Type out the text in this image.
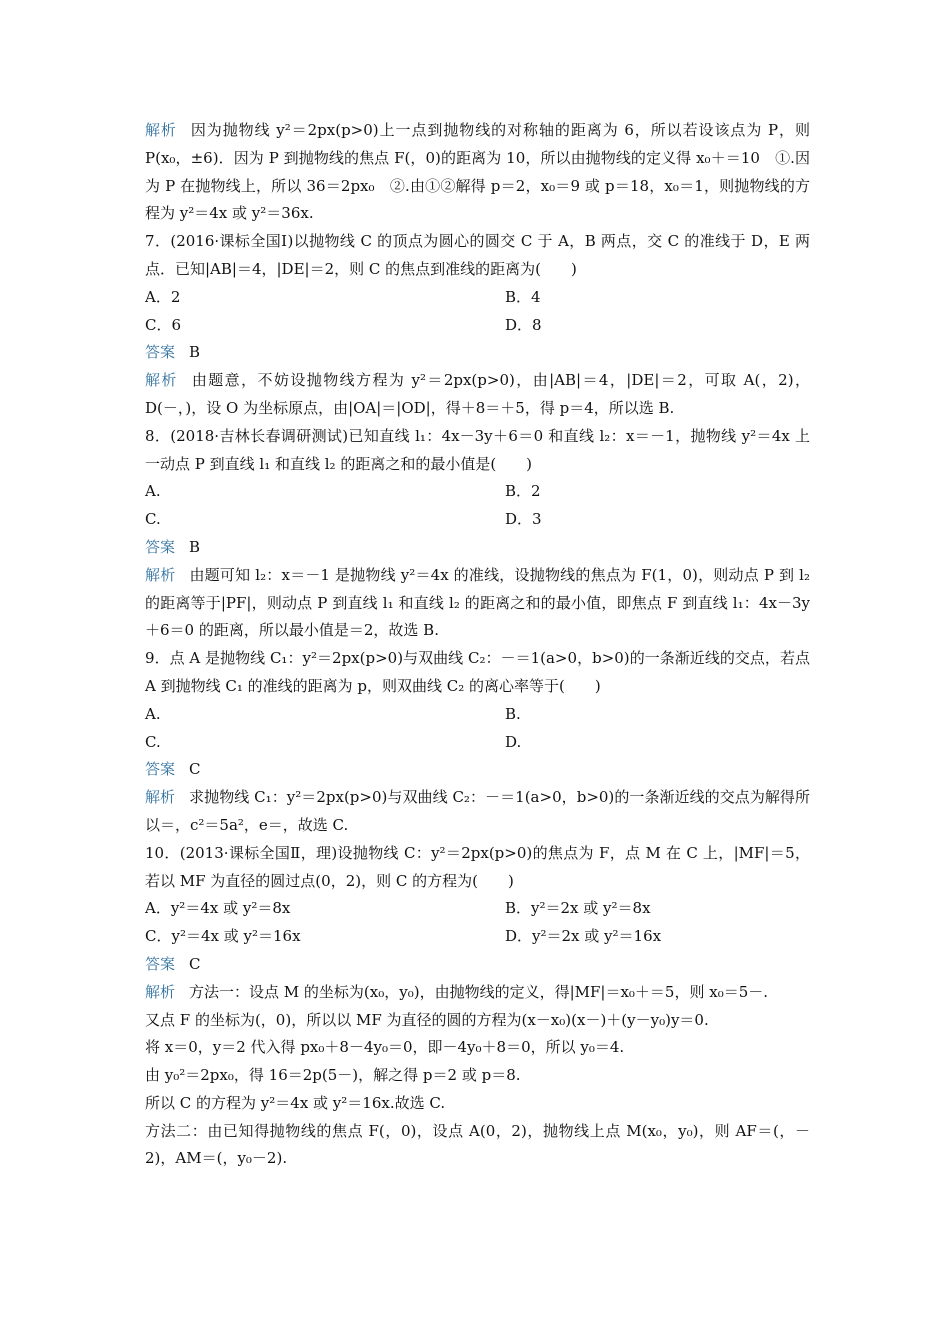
解析 因为抛物线 y²＝2px(p>0)上一点到抛物线的对称轴的距离为 6，所以若设该点为 P，则 P(x₀，±6)．因为 P 到抛物线的焦点 F(，0)的距离为 10，所以由抛物线的定义得 x₀＋＝10　①.因为 P 在抛物线上，所以 36＝2px₀　②.由①②解得 p＝2，x₀＝9 或 p＝18，x₀＝1，则抛物线的方程为 y²＝4x 或 y²＝36x.

7．(2016·课标全国Ⅰ)以抛物线 C 的顶点为圆心的圆交 C 于 A，B 两点，交 C 的准线于 D，E 两点．已知|AB|＝4，|DE|＝2，则 C 的焦点到准线的距离为(　　)

A．2	B．4
C．6	D．8

答案 B

解析 由题意，不妨设抛物线方程为 y²＝2px(p>0)，由|AB|＝4，|DE|＝2，可取 A(，2)，D(－，)，设 O 为坐标原点，由|OA|＝|OD|，得＋8＝＋5，得 p＝4，所以选 B.

8．(2018·吉林长春调研测试)已知直线 l₁：4x－3y＋6＝0 和直线 l₂：x＝－1，抛物线 y²＝4x 上一动点 P 到直线 l₁ 和直线 l₂ 的距离之和的最小值是(　　)

A.	B．2
C.	D．3

答案 B

解析 由题可知 l₂：x＝－1 是抛物线 y²＝4x 的准线，设抛物线的焦点为 F(1，0)，则动点 P 到 l₂ 的距离等于|PF|，则动点 P 到直线 l₁ 和直线 l₂ 的距离之和的最小值，即焦点 F 到直线 l₁：4x－3y＋6＝0 的距离，所以最小值是＝2，故选 B.

9．点 A 是抛物线 C₁：y²＝2px(p>0)与双曲线 C₂：－＝1(a>0，b>0)的一条渐近线的交点，若点 A 到抛物线 C₁ 的准线的距离为 p，则双曲线 C₂ 的离心率等于(　　)

A.	B.
C.	D.

答案 C

解析 求抛物线 C₁：y²＝2px(p>0)与双曲线 C₂：－＝1(a>0，b>0)的一条渐近线的交点为解得所以＝，c²＝5a²，e＝，故选 C.

10．(2013·课标全国Ⅱ，理)设抛物线 C：y²＝2px(p>0)的焦点为 F，点 M 在 C 上，|MF|＝5，若以 MF 为直径的圆过点(0，2)，则 C 的方程为(　　)

A．y²＝4x 或 y²＝8x	B．y²＝2x 或 y²＝8x
C．y²＝4x 或 y²＝16x	D．y²＝2x 或 y²＝16x

答案 C

解析 方法一：设点 M 的坐标为(x₀，y₀)，由抛物线的定义，得|MF|＝x₀＋＝5，则 x₀＝5－.

又点 F 的坐标为(，0)，所以以 MF 为直径的圆的方程为(x－x₀)(x－)＋(y－y₀)y＝0.

将 x＝0，y＝2 代入得 px₀＋8－4y₀＝0，即－4y₀＋8＝0，所以 y₀＝4.

由 y₀²＝2px₀，得 16＝2p(5－)，解之得 p＝2 或 p＝8.

所以 C 的方程为 y²＝4x 或 y²＝16x.故选 C.

方法二：由已知得抛物线的焦点 F(，0)，设点 A(0，2)，抛物线上点 M(x₀，y₀)，则 AF＝(，－2)，AM＝(，y₀－2).
